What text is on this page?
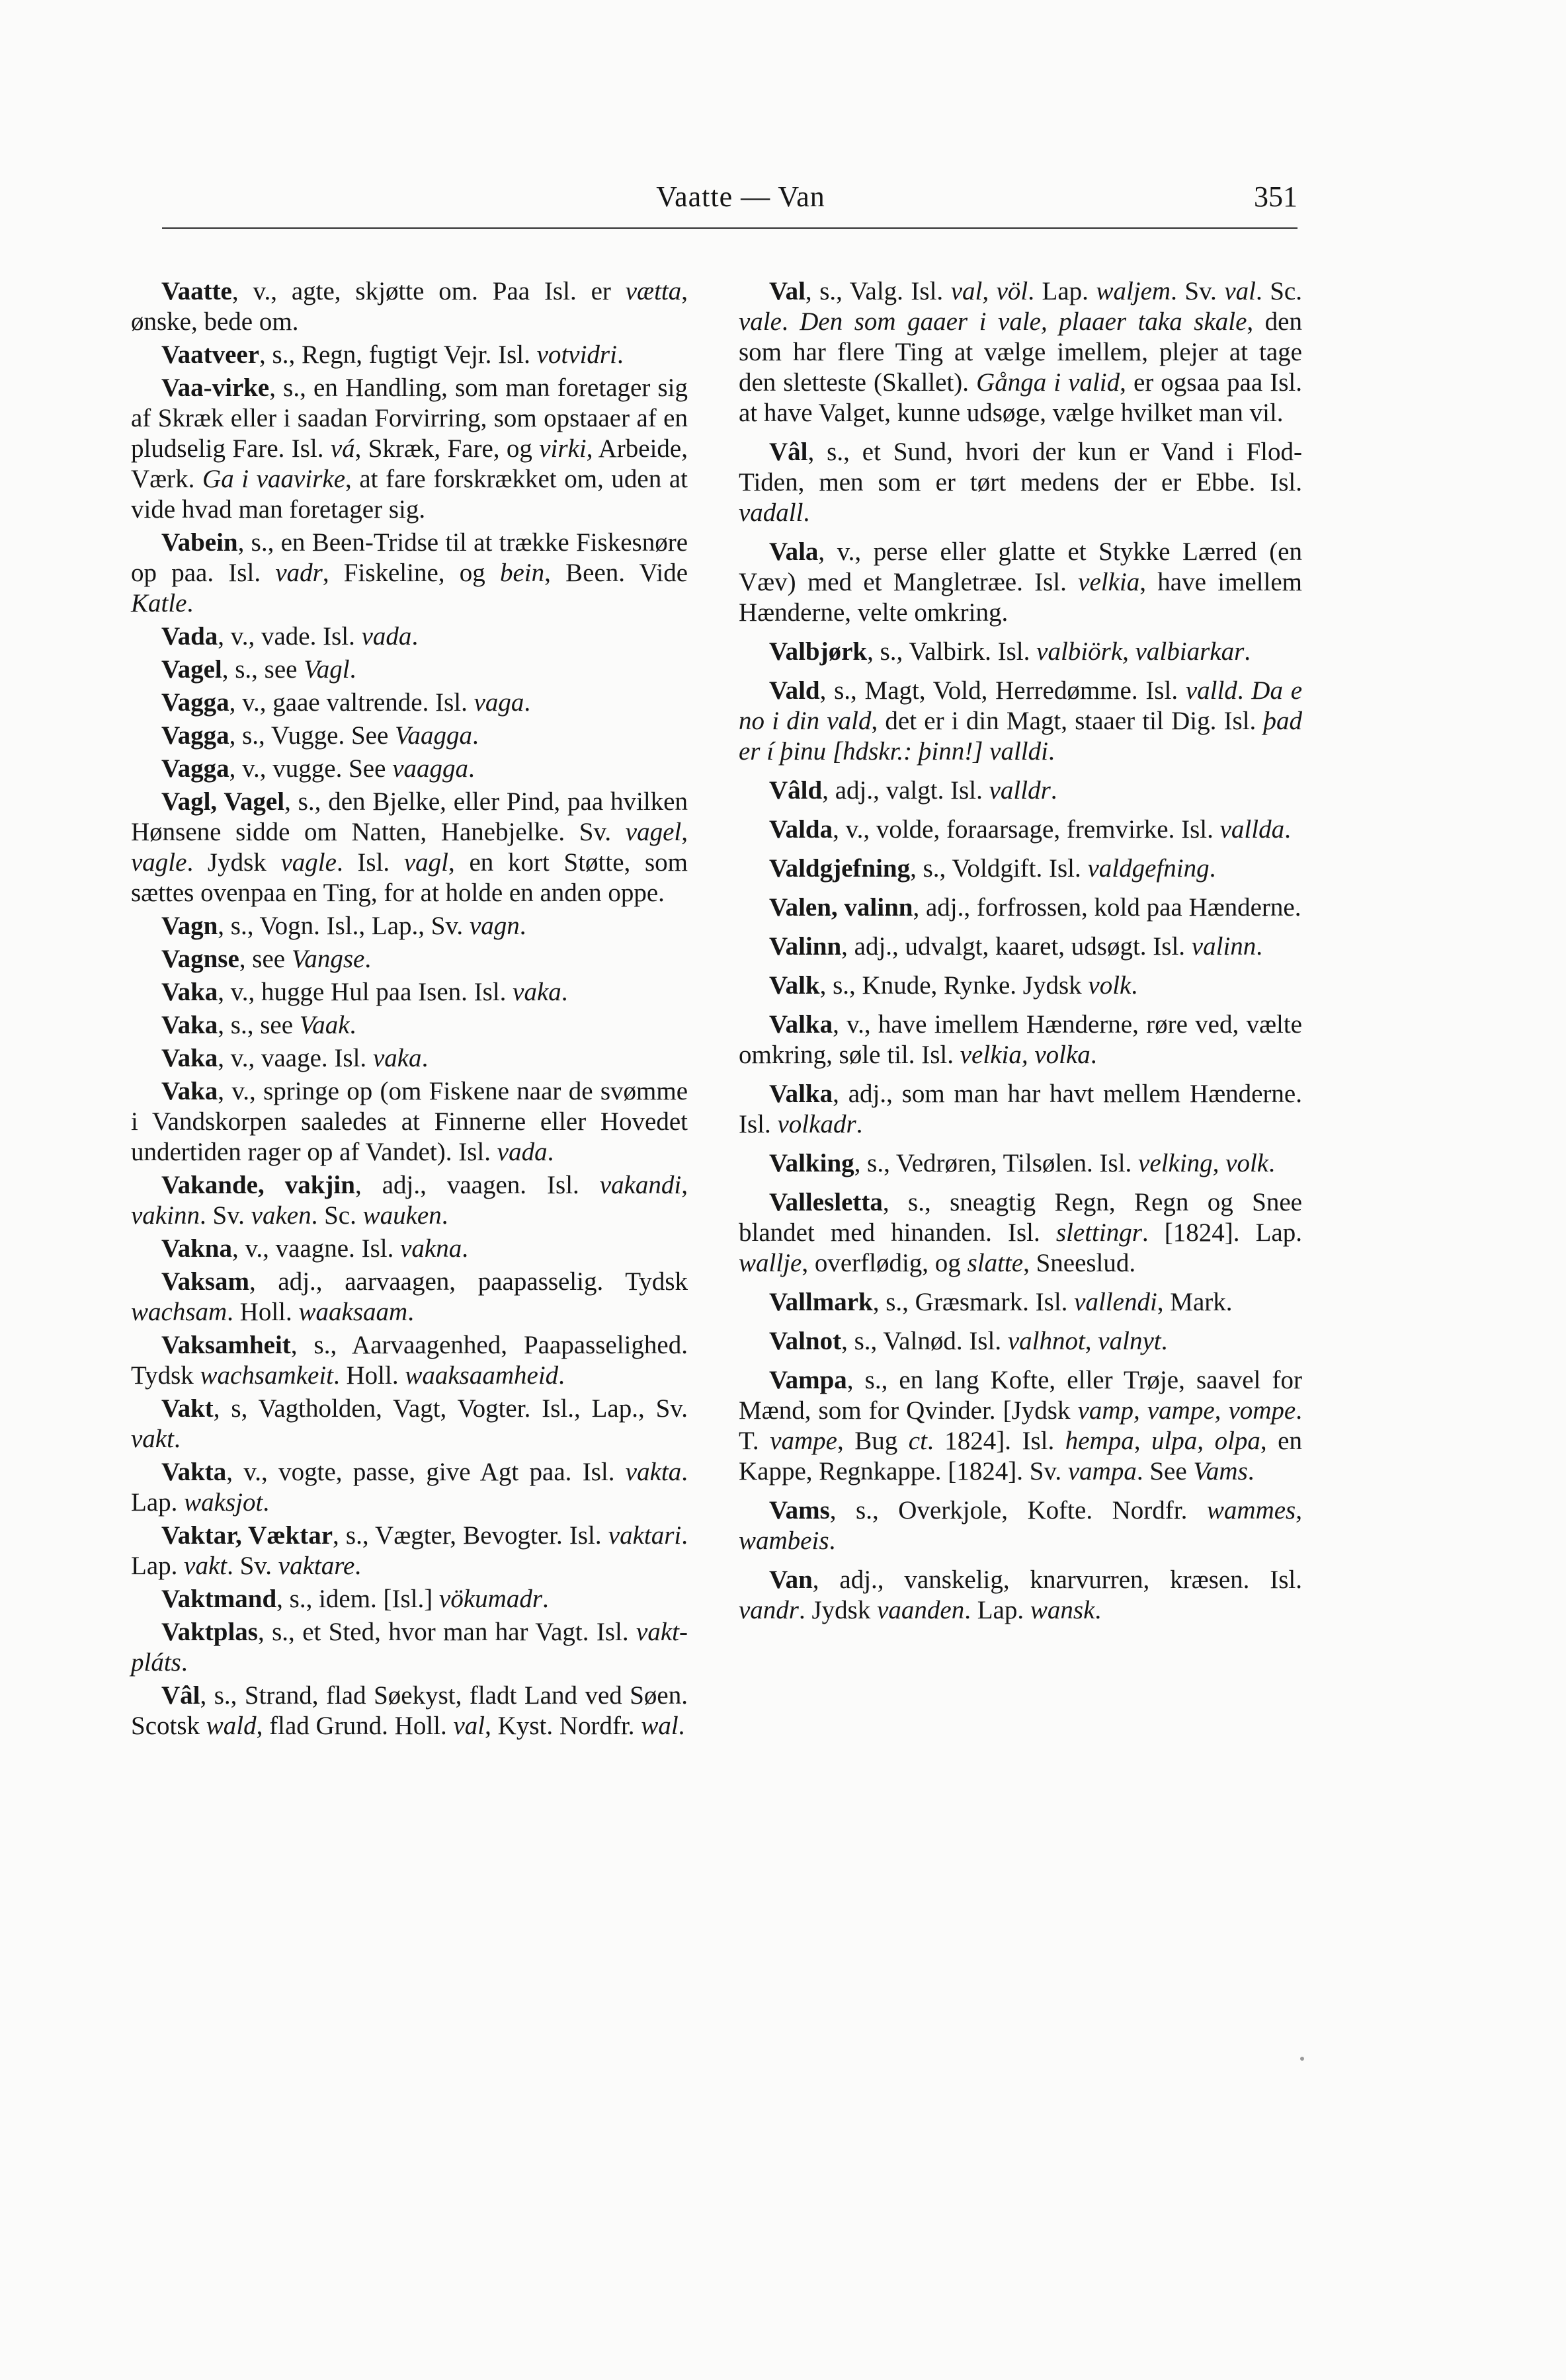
Vaatte — Van	351

Vaatte, v., agte, skjøtte om. Paa Isl. er vætta, ønske, bede om.

Vaatveer, s., Regn, fugtigt Vejr. Isl. votvidri.

Vaa-virke, s., en Handling, som man foretager sig af Skræk eller i saadan Forvirring, som opstaaer af en pludselig Fare. Isl. vá, Skræk, Fare, og virki, Arbeide, Værk. Ga i vaavirke, at fare forskrækket om, uden at vide hvad man foretager sig.

Vabein, s., en Been-Tridse til at trække Fiskesnøre op paa. Isl. vadr, Fiskeline, og bein, Been. Vide Katle.

Vada, v., vade. Isl. vada.

Vagel, s., see Vagl.

Vagga, v., gaae valtrende. Isl. vaga.

Vagga, s., Vugge. See Vaagga.

Vagga, v., vugge. See vaagga.

Vagl, Vagel, s., den Bjelke, eller Pind, paa hvilken Hønsene sidde om Natten, Hanebjelke. Sv. vagel, vagle. Jydsk vagle. Isl. vagl, en kort Støtte, som sættes ovenpaa en Ting, for at holde en anden oppe.

Vagn, s., Vogn. Isl., Lap., Sv. vagn.

Vagnse, see Vangse.

Vaka, v., hugge Hul paa Isen. Isl. vaka.

Vaka, s., see Vaak.

Vaka, v., vaage. Isl. vaka.

Vaka, v., springe op (om Fiskene naar de svømme i Vandskorpen saaledes at Finnerne eller Hovedet undertiden rager op af Vandet). Isl. vada.

Vakande, vakjin, adj., vaagen. Isl. vakandi, vakinn. Sv. vaken. Sc. wauken.

Vakna, v., vaagne. Isl. vakna.

Vaksam, adj., aarvaagen, paapasselig. Tydsk wachsam. Holl. waaksaam.

Vaksamheit, s., Aarvaagenhed, Paapasselighed. Tydsk wachsamkeit. Holl. waaksaamheid.

Vakt, s, Vagtholden, Vagt, Vogter. Isl., Lap., Sv. vakt.

Vakta, v., vogte, passe, give Agt paa. Isl. vakta. Lap. waksjot.

Vaktar, Væktar, s., Vægter, Bevogter. Isl. vaktari. Lap. vakt. Sv. vaktare.

Vaktmand, s., idem. [Isl.] vökumadr.

Vaktplas, s., et Sted, hvor man har Vagt. Isl. vakt-pláts.

Vâl, s., Strand, flad Søekyst, fladt Land ved Søen. Scotsk wald, flad Grund. Holl. val, Kyst. Nordfr. wal.

Val, s., Valg. Isl. val, völ. Lap. waljem. Sv. val. Sc. vale. Den som gaaer i vale, plaaer taka skale, den som har flere Ting at vælge imellem, plejer at tage den sletteste (Skallet). Gånga i valid, er ogsaa paa Isl. at have Valget, kunne udsøge, vælge hvilket man vil.

Vâl, s., et Sund, hvori der kun er Vand i Flod-Tiden, men som er tørt medens der er Ebbe. Isl. vadall.

Vala, v., perse eller glatte et Stykke Lærred (en Væv) med et Mangletræe. Isl. velkia, have imellem Hænderne, velte omkring.

Valbjørk, s., Valbirk. Isl. valbiörk, valbiarkar.

Vald, s., Magt, Vold, Herredømme. Isl. valld. Da e no i din vald, det er i din Magt, staaer til Dig. Isl. þad er í þinu [hdskr.: þinn!] valldi.

Vâld, adj., valgt. Isl. valldr.

Valda, v., volde, foraarsage, fremvirke. Isl. vallda.

Valdgjefning, s., Voldgift. Isl. valdgefning.

Valen, valinn, adj., forfrossen, kold paa Hænderne.

Valinn, adj., udvalgt, kaaret, udsøgt. Isl. valinn.

Valk, s., Knude, Rynke. Jydsk volk.

Valka, v., have imellem Hænderne, røre ved, vælte omkring, søle til. Isl. velkia, volka.

Valka, adj., som man har havt mellem Hænderne. Isl. volkadr.

Valking, s., Vedrøren, Tilsølen. Isl. velking, volk.

Vallesletta, s., sneagtig Regn, Regn og Snee blandet med hinanden. Isl. slettingr. [1824]. Lap. wallje, overflødig, og slatte, Sneeslud.

Vallmark, s., Græsmark. Isl. vallendi, Mark.

Valnot, s., Valnød. Isl. valhnot, valnyt.

Vampa, s., en lang Kofte, eller Trøje, saavel for Mænd, som for Qvinder. [Jydsk vamp, vampe, vompe. T. vampe, Bug ct. 1824]. Isl. hempa, ulpa, olpa, en Kappe, Regnkappe. [1824]. Sv. vampa. See Vams.

Vams, s., Overkjole, Kofte. Nordfr. wammes, wambeis.

Van, adj., vanskelig, knarvurren, kræsen. Isl. vandr. Jydsk vaanden. Lap. wansk.
